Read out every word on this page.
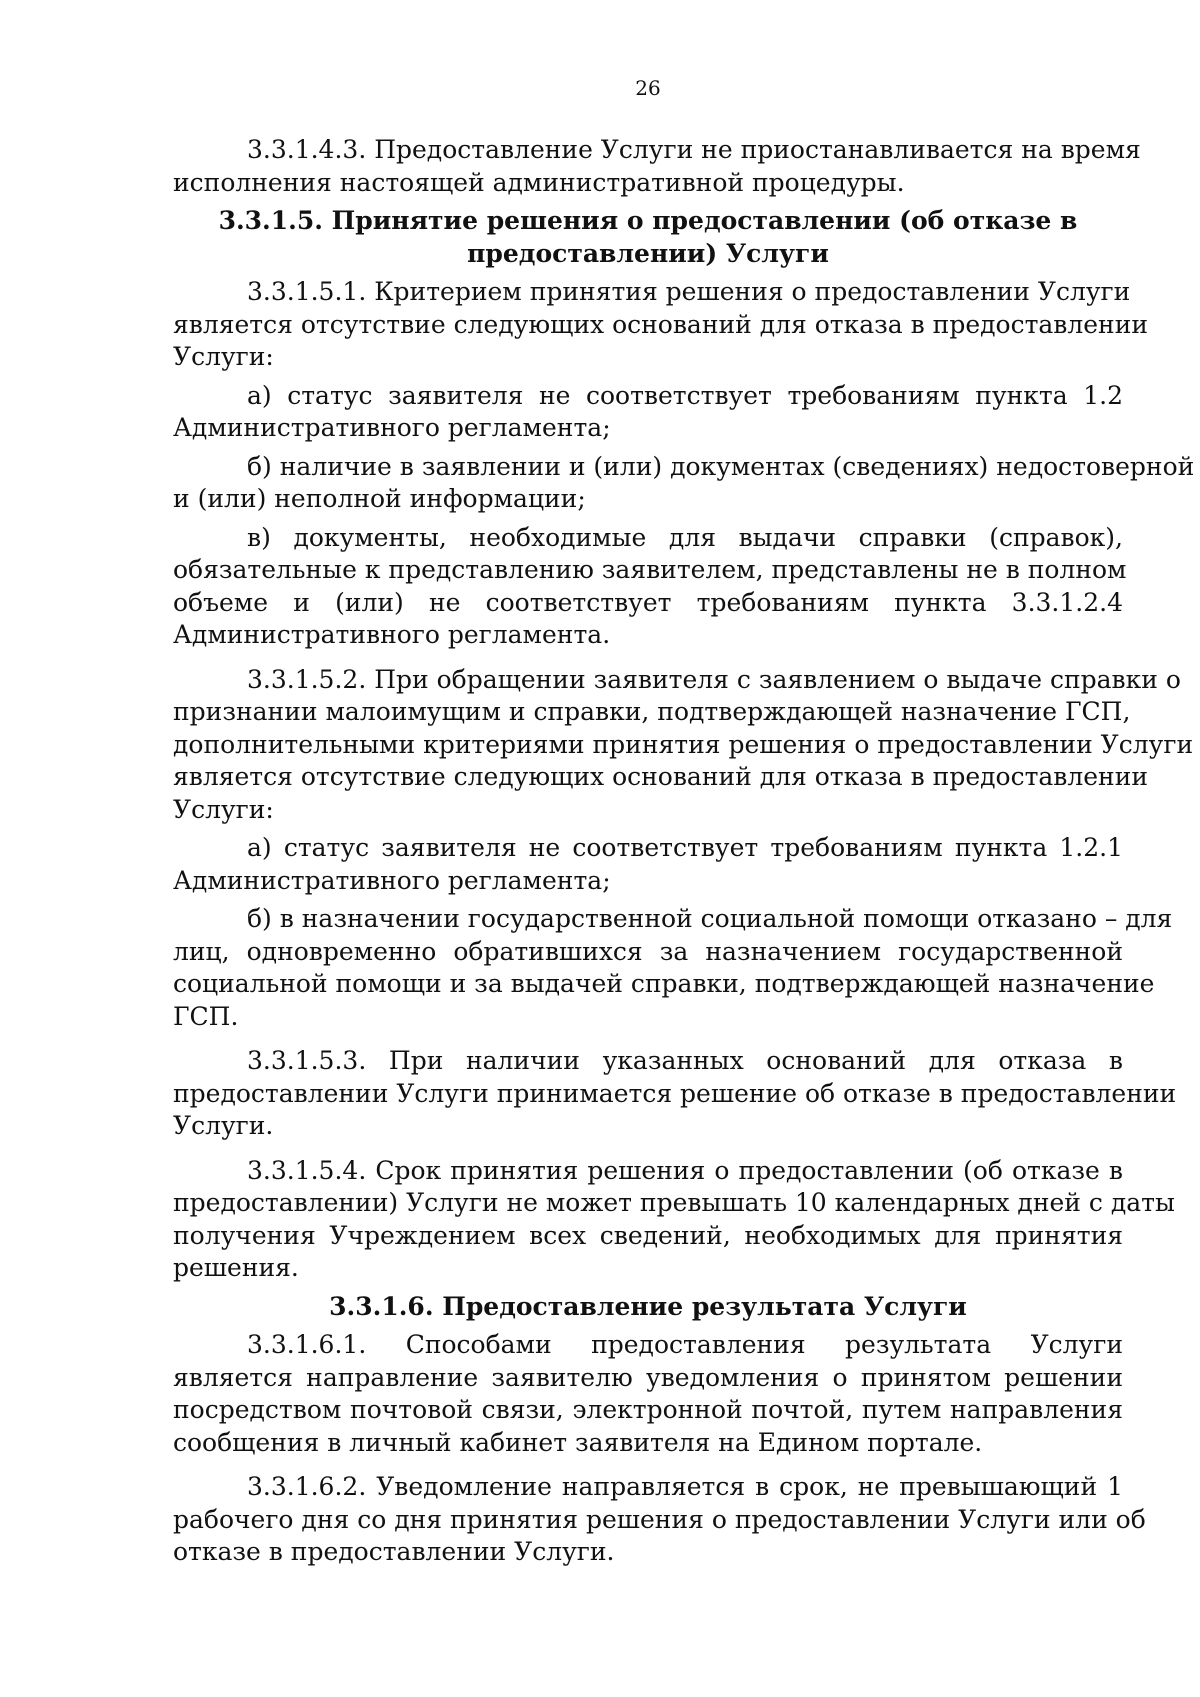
26
3.3.1.4.3. Предоставление Услуги не приостанавливается на время
исполнения настоящей административной процедуры.
3.3.1.5. Принятие решения о предоставлении (об отказе в
предоставлении) Услуги
3.3.1.5.1. Критерием принятия решения о предоставлении Услуги
является отсутствие следующих оснований для отказа в предоставлении
Услуги:
а) статус заявителя не соответствует требованиям пункта 1.2
Административного регламента;
б) наличие в заявлении и (или) документах (сведениях) недостоверной
и (или) неполной информации;
в) документы, необходимые для выдачи справки (справок),
обязательные к представлению заявителем, представлены не в полном
объеме и (или) не соответствует требованиям пункта 3.3.1.2.4
Административного регламента.
3.3.1.5.2. При обращении заявителя с заявлением о выдаче справки о
признании малоимущим и справки, подтверждающей назначение ГСП,
дополнительными критериями принятия решения о предоставлении Услуги
является отсутствие следующих оснований для отказа в предоставлении
Услуги:
а) статус заявителя не соответствует требованиям пункта 1.2.1
Административного регламента;
б) в назначении государственной социальной помощи отказано – для
лиц, одновременно обратившихся за назначением государственной
социальной помощи и за выдачей справки, подтверждающей назначение
ГСП.
3.3.1.5.3. При наличии указанных оснований для отказа в
предоставлении Услуги принимается решение об отказе в предоставлении
Услуги.
3.3.1.5.4. Срок принятия решения о предоставлении (об отказе в
предоставлении) Услуги не может превышать 10 календарных дней с даты
получения Учреждением всех сведений, необходимых для принятия
решения.
3.3.1.6. Предоставление результата Услуги
3.3.1.6.1. Способами предоставления результата Услуги
является направление заявителю уведомления о принятом решении
посредством почтовой связи, электронной почтой, путем направления
сообщения в личный кабинет заявителя на Едином портале.
3.3.1.6.2. Уведомление направляется в срок, не превышающий 1
рабочего дня со дня принятия решения о предоставлении Услуги или об
отказе в предоставлении Услуги.
